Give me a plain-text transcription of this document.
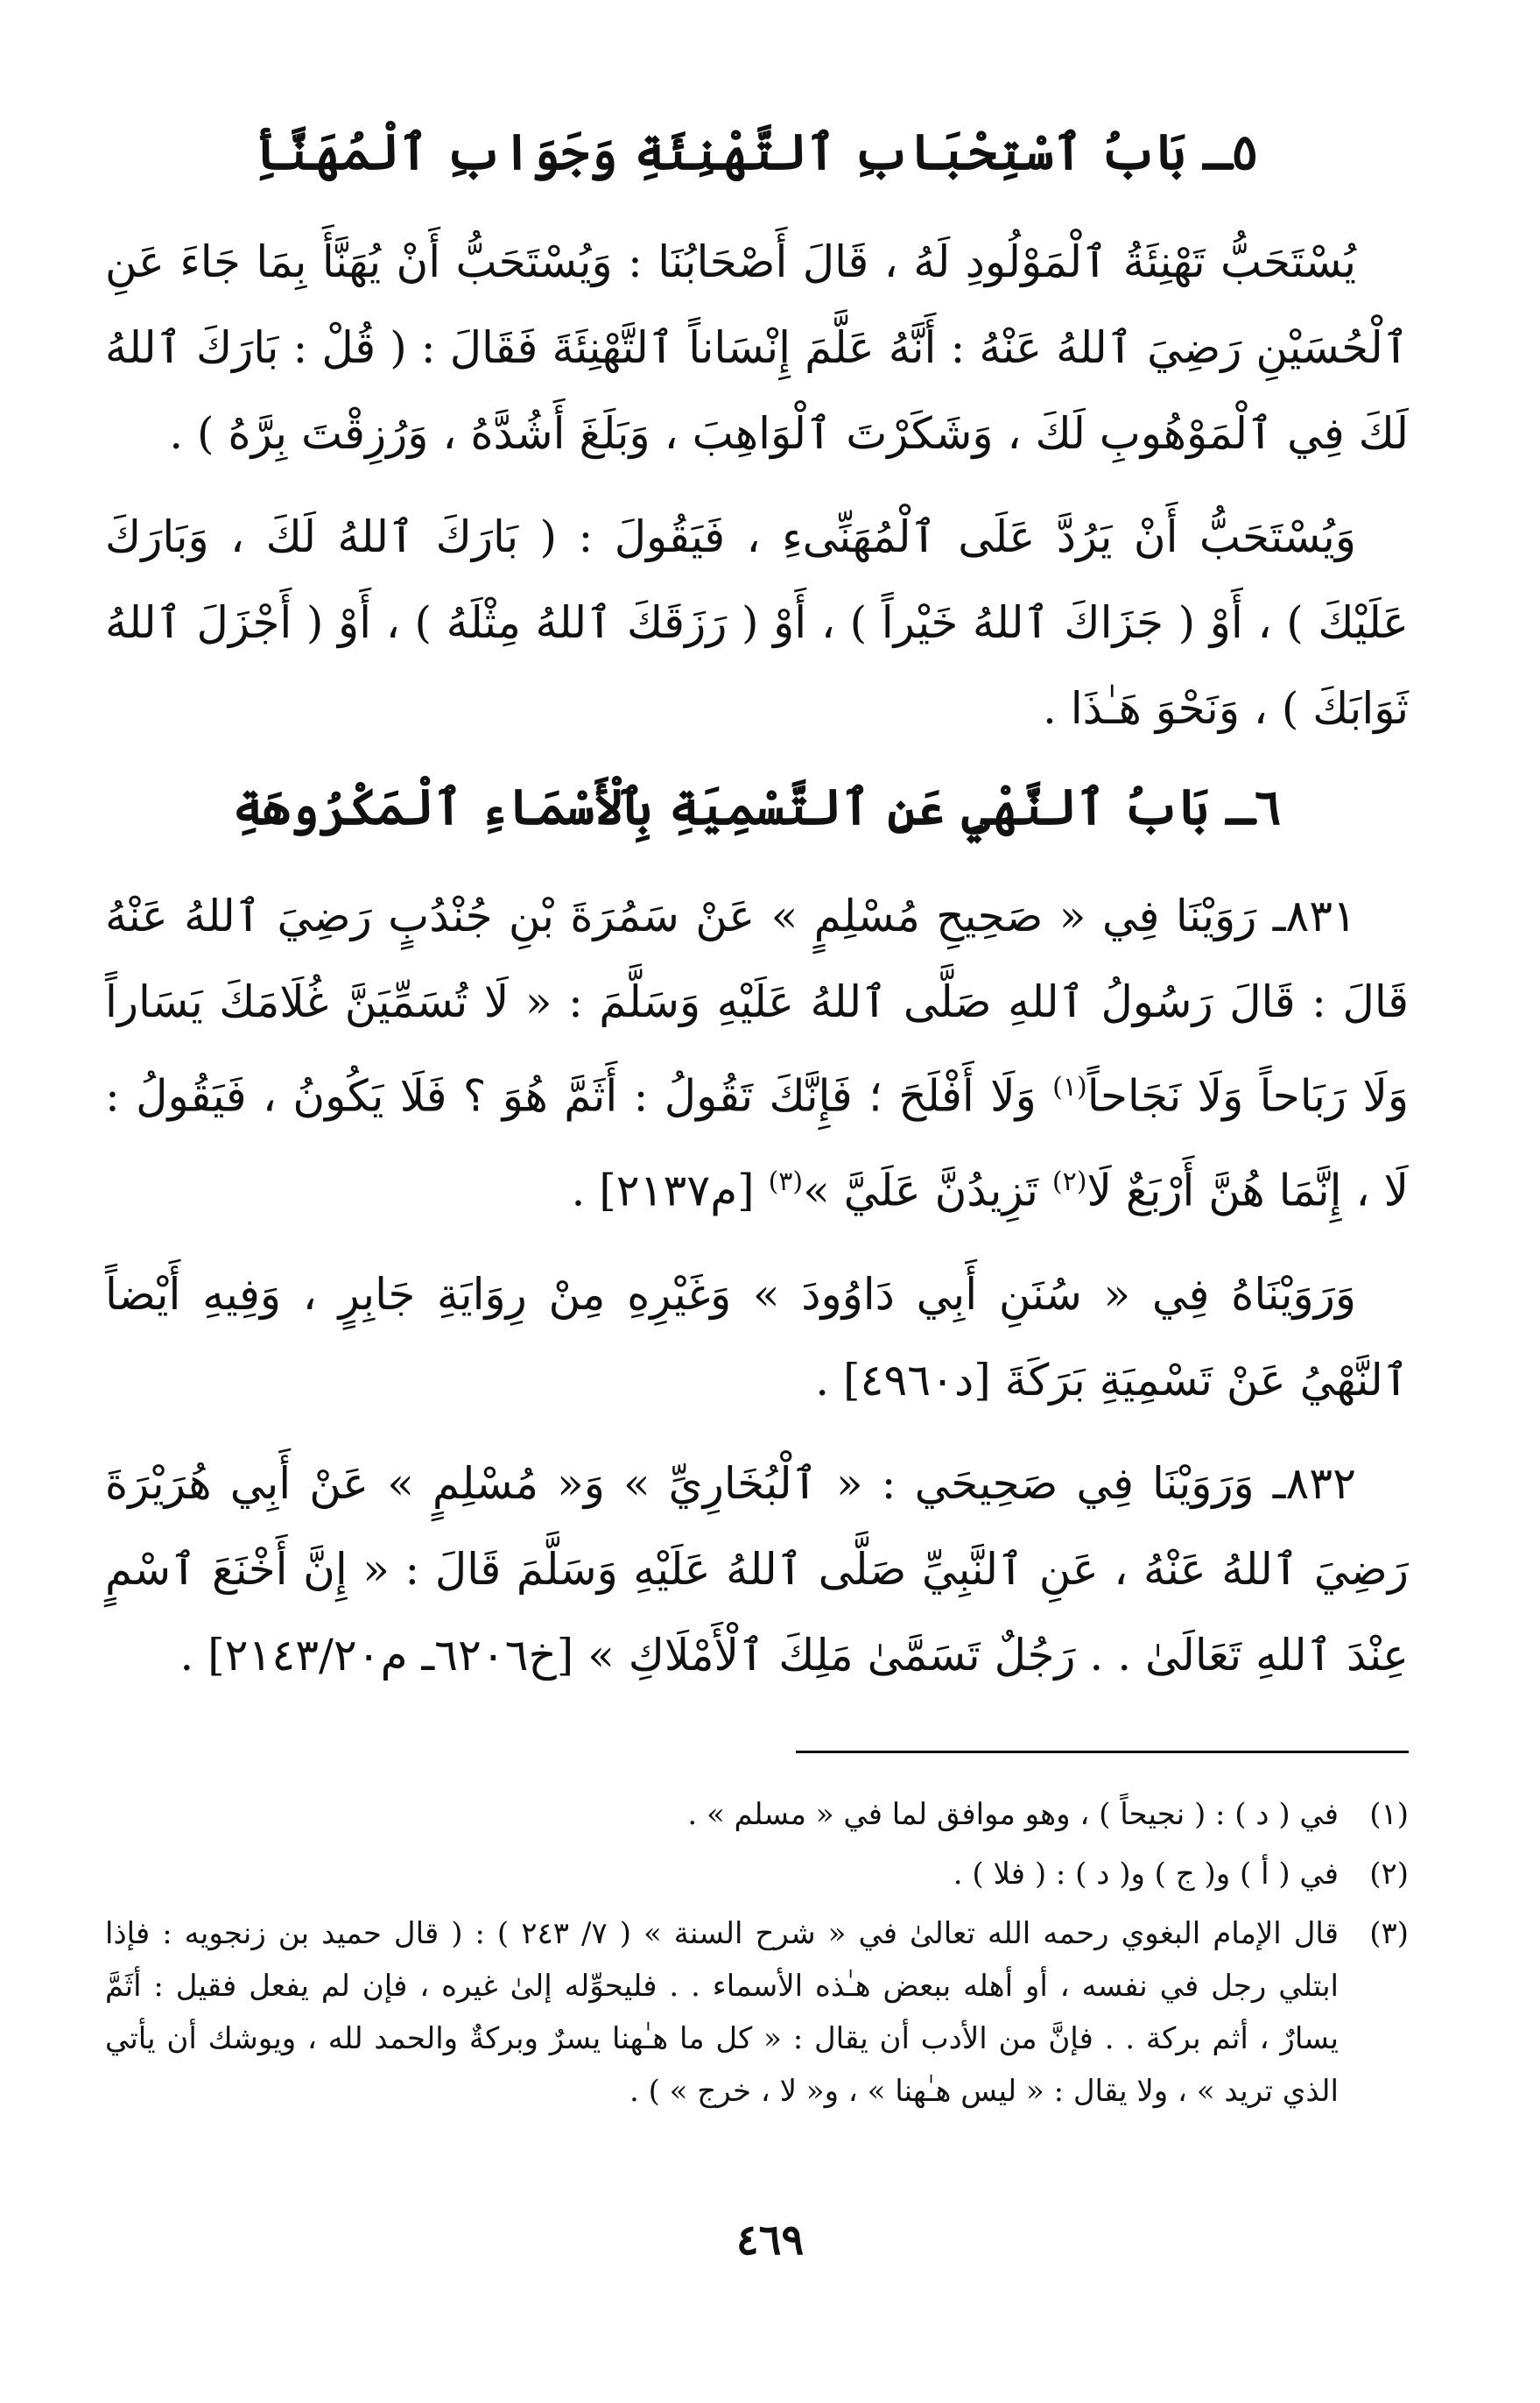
٥ـ بَابُ ٱسْتِحْبَابِ ٱلتَّهْنِئَةِ وَجَوَابِ ٱلْمُهَنَّأِ

يُسْتَحَبُّ تَهْنِئَةُ ٱلْمَوْلُودِ لَهُ ، قَالَ أَصْحَابُنَا : وَيُسْتَحَبُّ أَنْ يُهَنَّأَ بِمَا جَاءَ عَنِ ٱلْحُسَيْنِ رَضِيَ ٱللهُ عَنْهُ : أَنَّهُ عَلَّمَ إِنْسَاناً ٱلتَّهْنِئَةَ فَقَالَ : ( قُلْ : بَارَكَ ٱللهُ لَكَ فِي ٱلْمَوْهُوبِ لَكَ ، وَشَكَرْتَ ٱلْوَاهِبَ ، وَبَلَغَ أَشُدَّهُ ، وَرُزِقْتَ بِرَّهُ ) .

وَيُسْتَحَبُّ أَنْ يَرُدَّ عَلَى ٱلْمُهَنِّىءِ ، فَيَقُولَ : ( بَارَكَ ٱللهُ لَكَ ، وَبَارَكَ عَلَيْكَ ) ، أَوْ ( جَزَاكَ ٱللهُ خَيْراً ) ، أَوْ ( رَزَقَكَ ٱللهُ مِثْلَهُ ) ، أَوْ ( أَجْزَلَ ٱللهُ ثَوَابَكَ ) ، وَنَحْوَ هَـٰذَا .

٦ـ بَابُ ٱلنَّهْيِ عَنِ ٱلتَّسْمِيَةِ بِٱلْأَسْمَاءِ ٱلْمَكْرُوهَةِ

٨٣١ـ رَوَيْنَا فِي « صَحِيحِ مُسْلِمٍ » عَنْ سَمُرَةَ بْنِ جُنْدُبٍ رَضِيَ ٱللهُ عَنْهُ قَالَ : قَالَ رَسُولُ ٱللهِ صَلَّى ٱللهُ عَلَيْهِ وَسَلَّمَ : « لَا تُسَمِّيَنَّ غُلَامَكَ يَسَاراً وَلَا رَبَاحاً وَلَا نَجَاحاً$^{(١)}$ وَلَا أَفْلَحَ ؛ فَإِنَّكَ تَقُولُ : أَثَمَّ هُوَ ؟ فَلَا يَكُونُ ، فَيَقُولُ : لَا ، إِنَّمَا هُنَّ أَرْبَعٌ لَا$^{(٢)}$ تَزِيدُنَّ عَلَيَّ »$^{(٣)}$ [م٢١٣٧] .

وَرَوَيْنَاهُ فِي « سُنَنِ أَبِي دَاوُودَ » وَغَيْرِهِ مِنْ رِوَايَةِ جَابِرٍ ، وَفِيهِ أَيْضاً ٱلنَّهْيُ عَنْ تَسْمِيَةِ بَرَكَةَ [د٤٩٦٠] .

٨٣٢ـ وَرَوَيْنَا فِي صَحِيحَي : « ٱلْبُخَارِيِّ » وَ« مُسْلِمٍ » عَنْ أَبِي هُرَيْرَةَ رَضِيَ ٱللهُ عَنْهُ ، عَنِ ٱلنَّبِيِّ صَلَّى ٱللهُ عَلَيْهِ وَسَلَّمَ قَالَ : « إِنَّ أَخْنَعَ ٱسْمٍ عِنْدَ ٱللهِ تَعَالَىٰ . . رَجُلٌ تَسَمَّىٰ مَلِكَ ٱلْأَمْلَاكِ » [خ٦٢٠٦ـ م٢١٤٣/٢٠] .

(١)
في ( د ) : ( نجيحاً ) ، وهو موافق لما في « مسلم » .
(٢)
في ( أ ) و( ج ) و( د ) : ( فلا ) .
(٣)
قال الإمام البغوي رحمه الله تعالىٰ في « شرح السنة » ( ٧/ ٢٤٣ ) : ( قال حميد بن زنجويه : فإذا ابتلي رجل في نفسه ، أو أهله ببعض هـٰذه الأسماء . . فليحوِّله إلىٰ غيره ، فإن لم يفعل فقيل : أثَمَّ يسارٌ ، أثم بركة . . فإنَّ من الأدب أن يقال : « كل ما هـٰهنا يسرٌ وبركةٌ والحمد لله ، ويوشك أن يأتي الذي تريد » ، ولا يقال : « ليس هـٰهنا » ، و« لا ، خرج » ) .
٤٦٩
